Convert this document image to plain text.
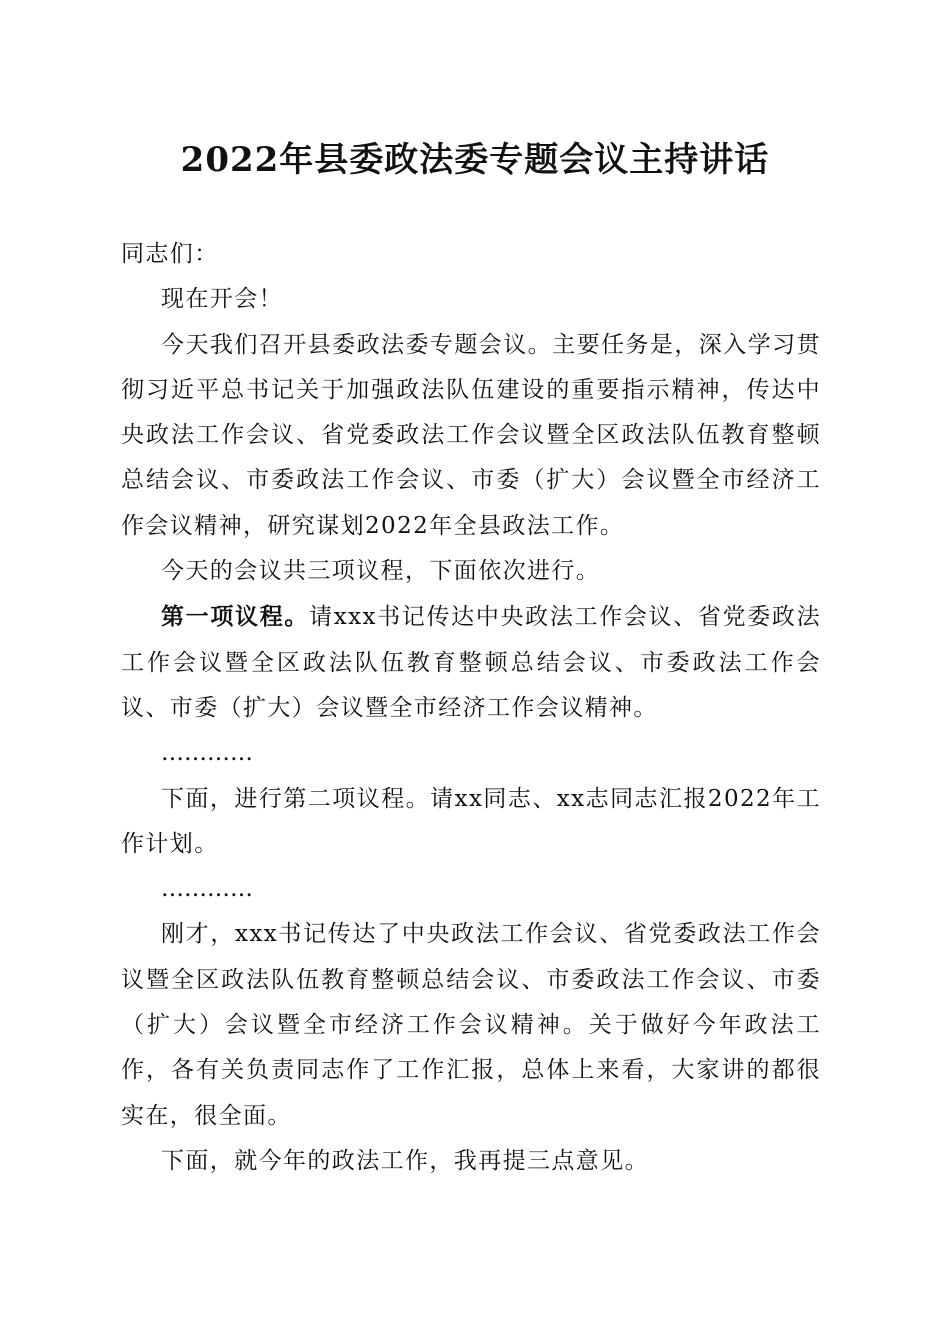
2022年县委政法委专题会议主持讲话

同志们：

现在开会！

今天我们召开县委政法委专题会议。主要任务是，深入学习贯彻习近平总书记关于加强政法队伍建设的重要指示精神，传达中央政法工作会议、省党委政法工作会议暨全区政法队伍教育整顿总结会议、市委政法工作会议、市委（扩大）会议暨全市经济工作会议精神，研究谋划2022年全县政法工作。

今天的会议共三项议程，下面依次进行。

第一项议程。请xxx书记传达中央政法工作会议、省党委政法工作会议暨全区政法队伍教育整顿总结会议、市委政法工作会议、市委（扩大）会议暨全市经济工作会议精神。

…………

下面，进行第二项议程。请xx同志、xx志同志汇报2022年工作计划。

…………

刚才，xxx书记传达了中央政法工作会议、省党委政法工作会议暨全区政法队伍教育整顿总结会议、市委政法工作会议、市委（扩大）会议暨全市经济工作会议精神。关于做好今年政法工作，各有关负责同志作了工作汇报，总体上来看，大家讲的都很实在，很全面。

下面，就今年的政法工作，我再提三点意见。
